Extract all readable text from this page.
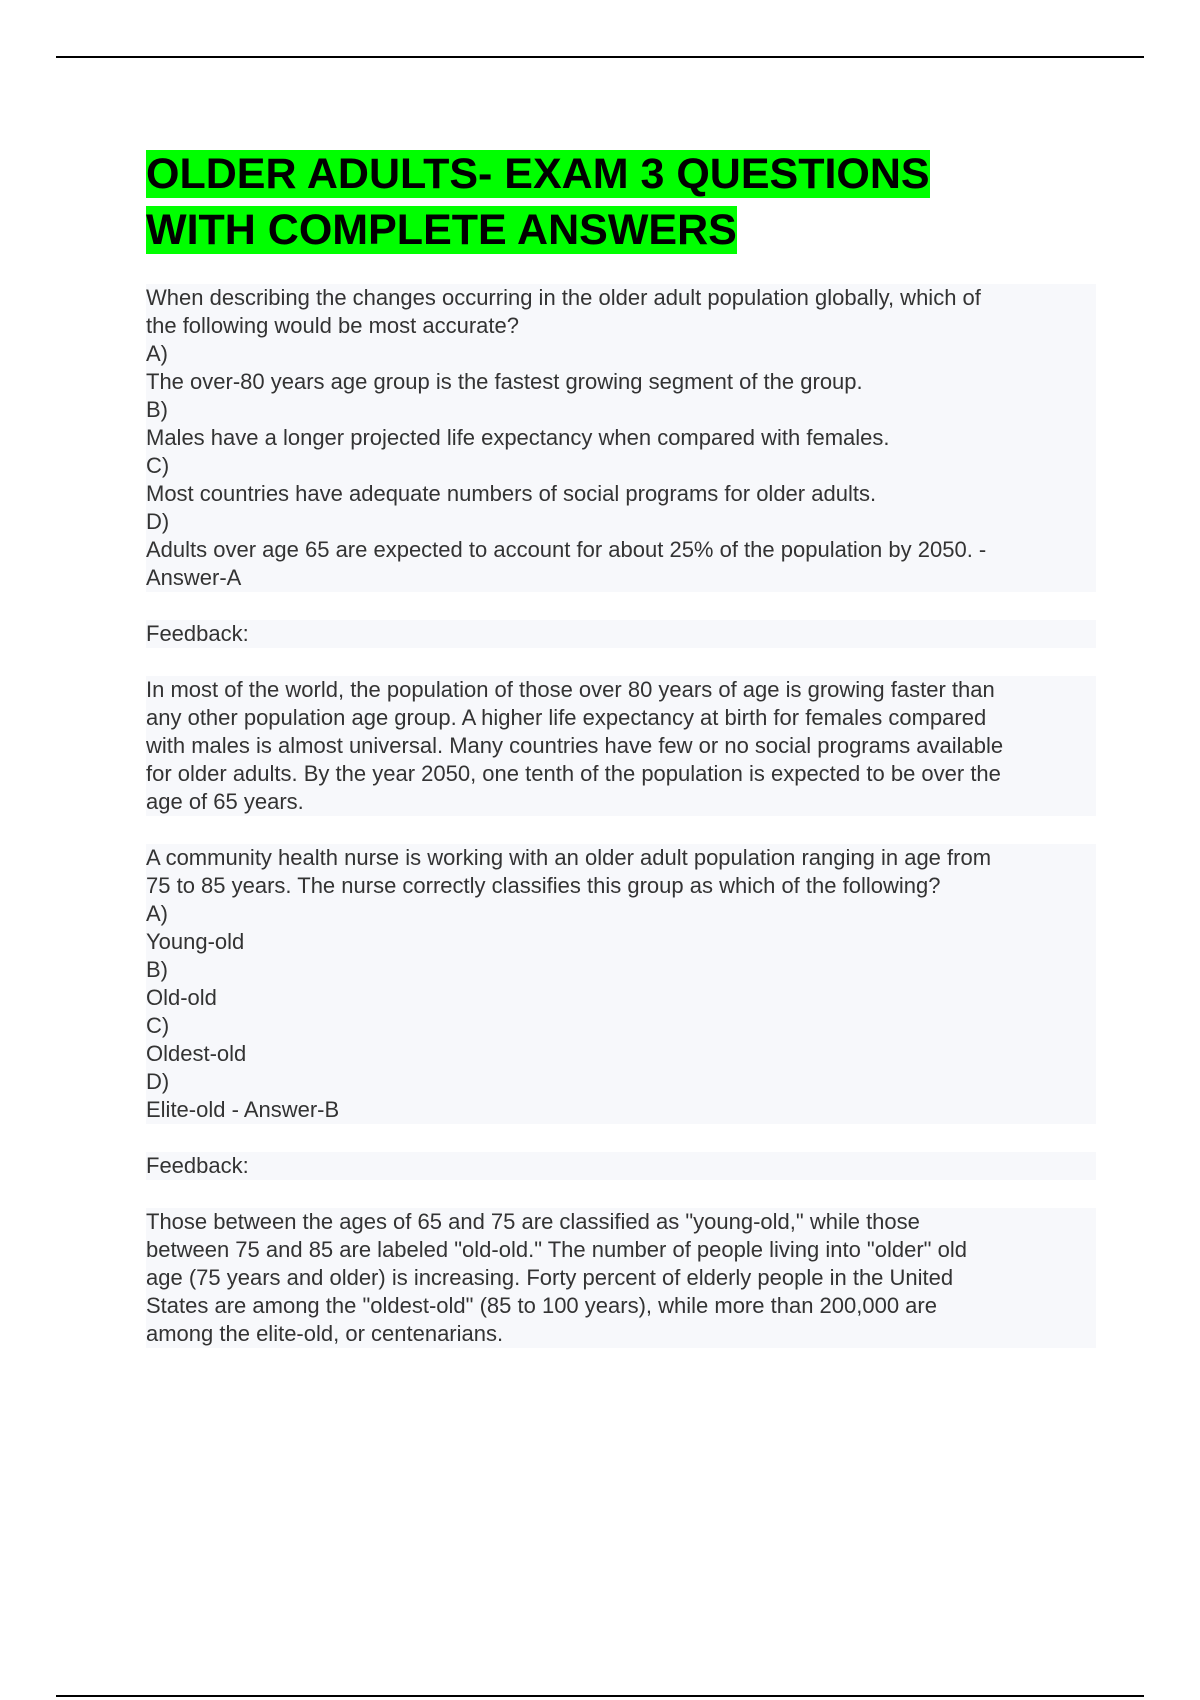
OLDER ADULTS- EXAM 3 QUESTIONS
WITH COMPLETE ANSWERS
When describing the changes occurring in the older adult population globally, which of
the following would be most accurate?
A)
The over-80 years age group is the fastest growing segment of the group.
B)
Males have a longer projected life expectancy when compared with females.
C)
Most countries have adequate numbers of social programs for older adults.
D)
Adults over age 65 are expected to account for about 25% of the population by 2050. -
Answer-A
Feedback:
In most of the world, the population of those over 80 years of age is growing faster than
any other population age group. A higher life expectancy at birth for females compared
with males is almost universal. Many countries have few or no social programs available
for older adults. By the year 2050, one tenth of the population is expected to be over the
age of 65 years.
A community health nurse is working with an older adult population ranging in age from
75 to 85 years. The nurse correctly classifies this group as which of the following?
A)
Young-old
B)
Old-old
C)
Oldest-old
D)
Elite-old - Answer-B
Feedback:
Those between the ages of 65 and 75 are classified as "young-old," while those
between 75 and 85 are labeled "old-old." The number of people living into "older" old
age (75 years and older) is increasing. Forty percent of elderly people in the United
States are among the "oldest-old" (85 to 100 years), while more than 200,000 are
among the elite-old, or centenarians.
